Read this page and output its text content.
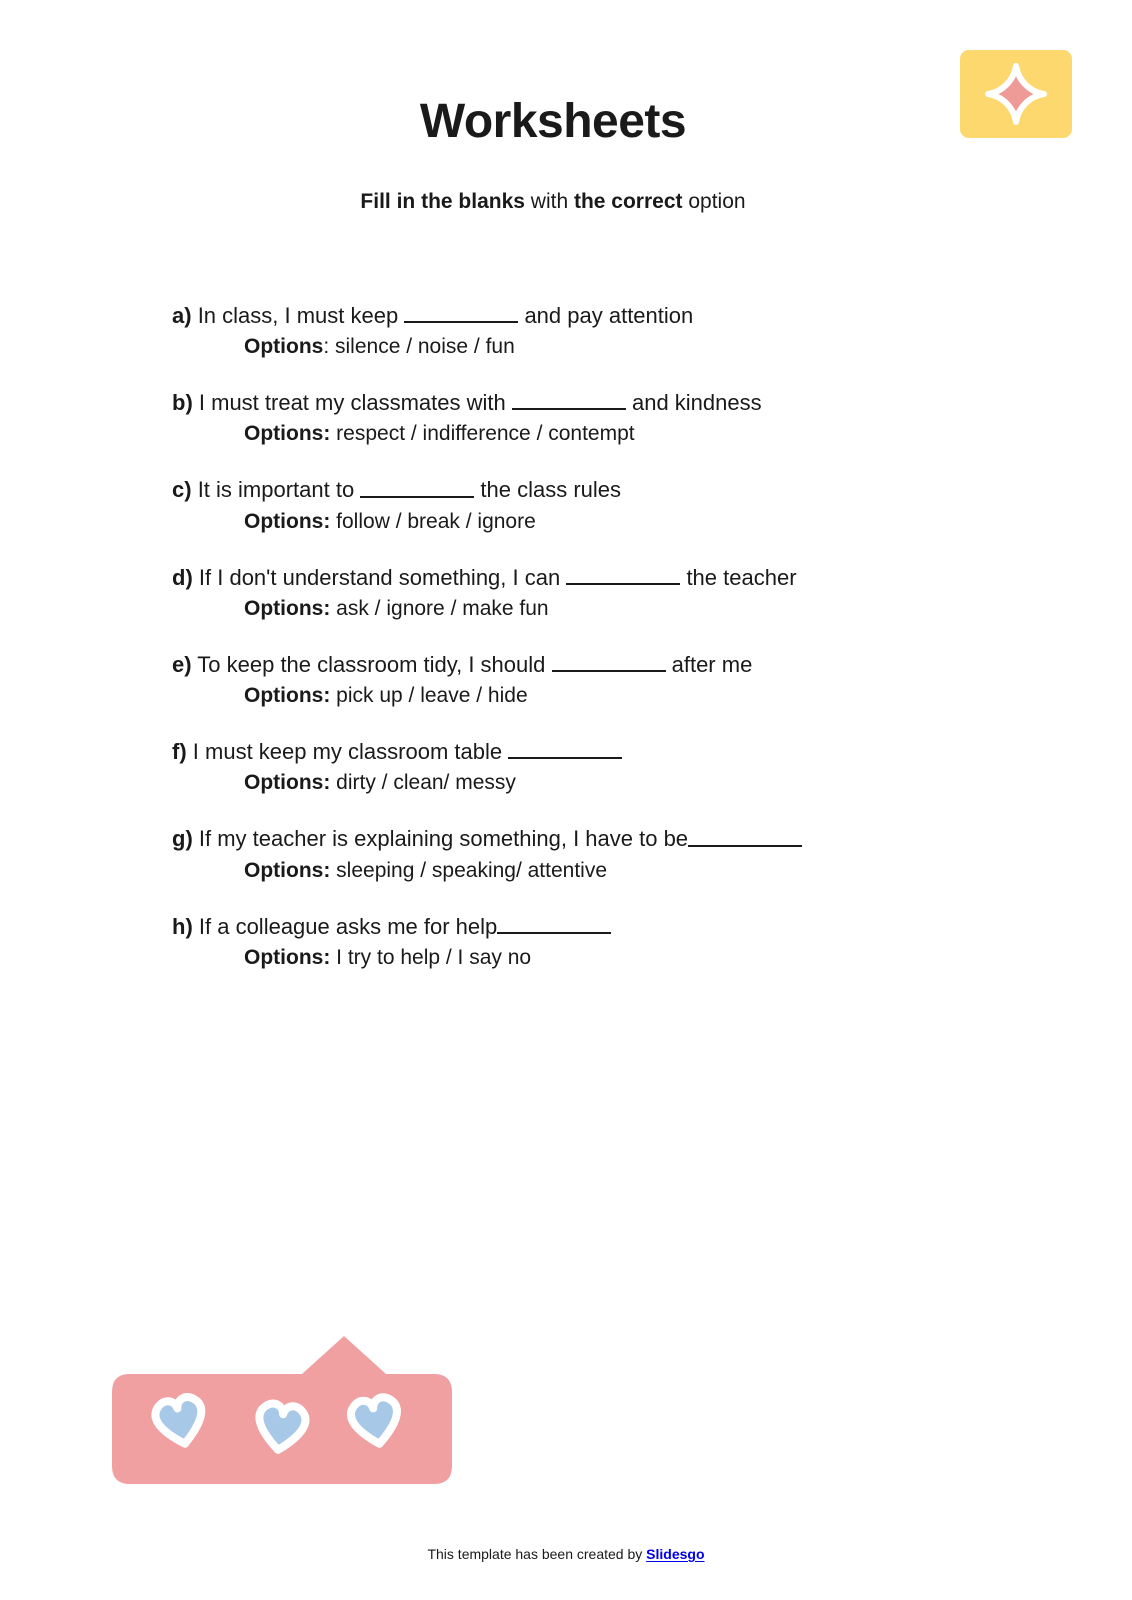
Worksheets
Fill in the blanks with the correct option
a) In class, I must keep	and pay attention
Options: silence / noise / fun
b) I must treat my classmates with	and kindness
Options: respect / indifference / contempt
c) It is important to	the class rules
Options: follow / break / ignore
d) If I don't understand something, I can	the teacher
Options: ask / ignore / make fun
e) To keep the classroom tidy, I should	after me
Options: pick up / leave / hide
f) I must keep my classroom table
Options: dirty / clean/ messy
g) If my teacher is explaining something, I have to be
Options: sleeping / speaking/ attentive
h) If a colleague asks me for help
Options: I try to help / I say no
This template has been created by Slidesgo
